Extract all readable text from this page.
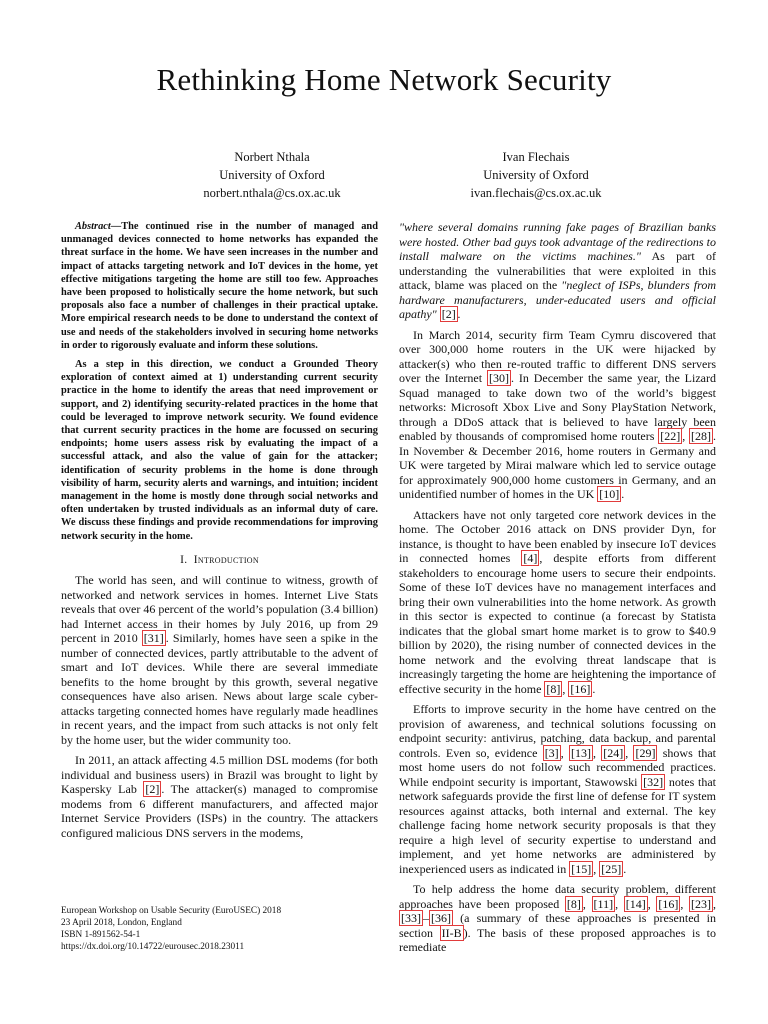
Rethinking Home Network Security
Norbert Nthala
University of Oxford
norbert.nthala@cs.ox.ac.uk
Ivan Flechais
University of Oxford
ivan.flechais@cs.ox.ac.uk

Abstract—The continued rise in the number of managed and unmanaged devices connected to home networks has expanded the threat surface in the home. We have seen increases in the number and impact of attacks targeting network and IoT devices in the home, yet effective mitigations targeting the home are still too few. Approaches have been proposed to holistically secure the home network, but such proposals also face a number of challenges in their practical uptake. More empirical research needs to be done to understand the context of use and needs of the stakeholders involved in securing home networks in order to rigorously evaluate and inform these solutions.

As a step in this direction, we conduct a Grounded Theory exploration of context aimed at 1) understanding current security practice in the home to identify the areas that need improvement or support, and 2) identifying security-related practices in the home that could be leveraged to improve network security. We found evidence that current security practices in the home are focussed on securing endpoints; home users assess risk by evaluating the impact of a successful attack, and also the value of gain for the attacker; identification of security problems in the home is done through visibility of harm, security alerts and warnings, and intuition; incident management in the home is mostly done through social networks and often undertaken by trusted individuals as an informal duty of care. We discuss these findings and provide recommendations for improving network security in the home.

I. Introduction

The world has seen, and will continue to witness, growth of networked and network services in homes. Internet Live Stats reveals that over 46 percent of the world’s population (3.4 billion) had Internet access in their homes by July 2016, up from 29 percent in 2010 [31] . Similarly, homes have seen a spike in the number of connected devices, partly attributable to the advent of smart and IoT devices. While there are several immediate benefits to the home brought by this growth, several negative consequences have also arisen. News about large scale cyber-attacks targeting connected homes have regularly made headlines in recent years, and the impact from such attacks is not only felt by the home user, but the wider community too.

In 2011, an attack affecting 4.5 million DSL modems (for both individual and business users) in Brazil was brought to light by Kaspersky Lab [2] . The attacker(s) managed to compromise modems from 6 different manufacturers, and affected major Internet Service Providers (ISPs) in the country. The attackers configured malicious DNS servers in the modems,

"where several domains running fake pages of Brazilian banks were hosted. Other bad guys took advantage of the redirections to install malware on the victims machines." As part of understanding the vulnerabilities that were exploited in this attack, blame was placed on the "neglect of ISPs, blunders from hardware manufacturers, under-educated users and official apathy" [2] .

In March 2014, security firm Team Cymru discovered that over 300,000 home routers in the UK were hijacked by attacker(s) who then re-routed traffic to different DNS servers over the Internet [30] . In December the same year, the Lizard Squad managed to take down two of the world’s biggest networks: Microsoft Xbox Live and Sony PlayStation Network, through a DDoS attack that is believed to have largely been enabled by thousands of compromised home routers [22] , [28] . In November & December 2016, home routers in Germany and UK were targeted by Mirai malware which led to service outage for approximately 900,000 home customers in Germany, and an unidentified number of homes in the UK [10] .

Attackers have not only targeted core network devices in the home. The October 2016 attack on DNS provider Dyn, for instance, is thought to have been enabled by insecure IoT devices in connected homes [4] , despite efforts from different stakeholders to encourage home users to secure their endpoints. Some of these IoT devices have no management interfaces and bring their own vulnerabilities into the home network. As growth in this sector is expected to continue (a forecast by Statista indicates that the global smart home market is to grow to $40.9 billion by 2020), the rising number of connected devices in the home network and the evolving threat landscape that is increasingly targeting the home are heightening the importance of effective security in the home [8] , [16] .

Efforts to improve security in the home have centred on the provision of awareness, and technical solutions focussing on endpoint security: antivirus, patching, data backup, and parental controls. Even so, evidence [3] , [13] , [24] , [29] shows that most home users do not follow such recommended practices. While endpoint security is important, Stawowski [32] notes that network safeguards provide the first line of defense for IT system resources against attacks, both internal and external. The key challenge facing home network security proposals is that they require a high level of security expertise to understand and implement, and yet home networks are administered by inexperienced users as indicated in [15] , [25] .

To help address the home data security problem, different approaches have been proposed [8] , [11] , [14] , [16] , [23] , [33] – [36] (a summary of these approaches is presented in section II-B ). The basis of these proposed approaches is to remediate

European Workshop on Usable Security (EuroUSEC) 2018
23 April 2018, London, England
ISBN 1-891562-54-1
https://dx.doi.org/10.14722/eurousec.2018.23011
